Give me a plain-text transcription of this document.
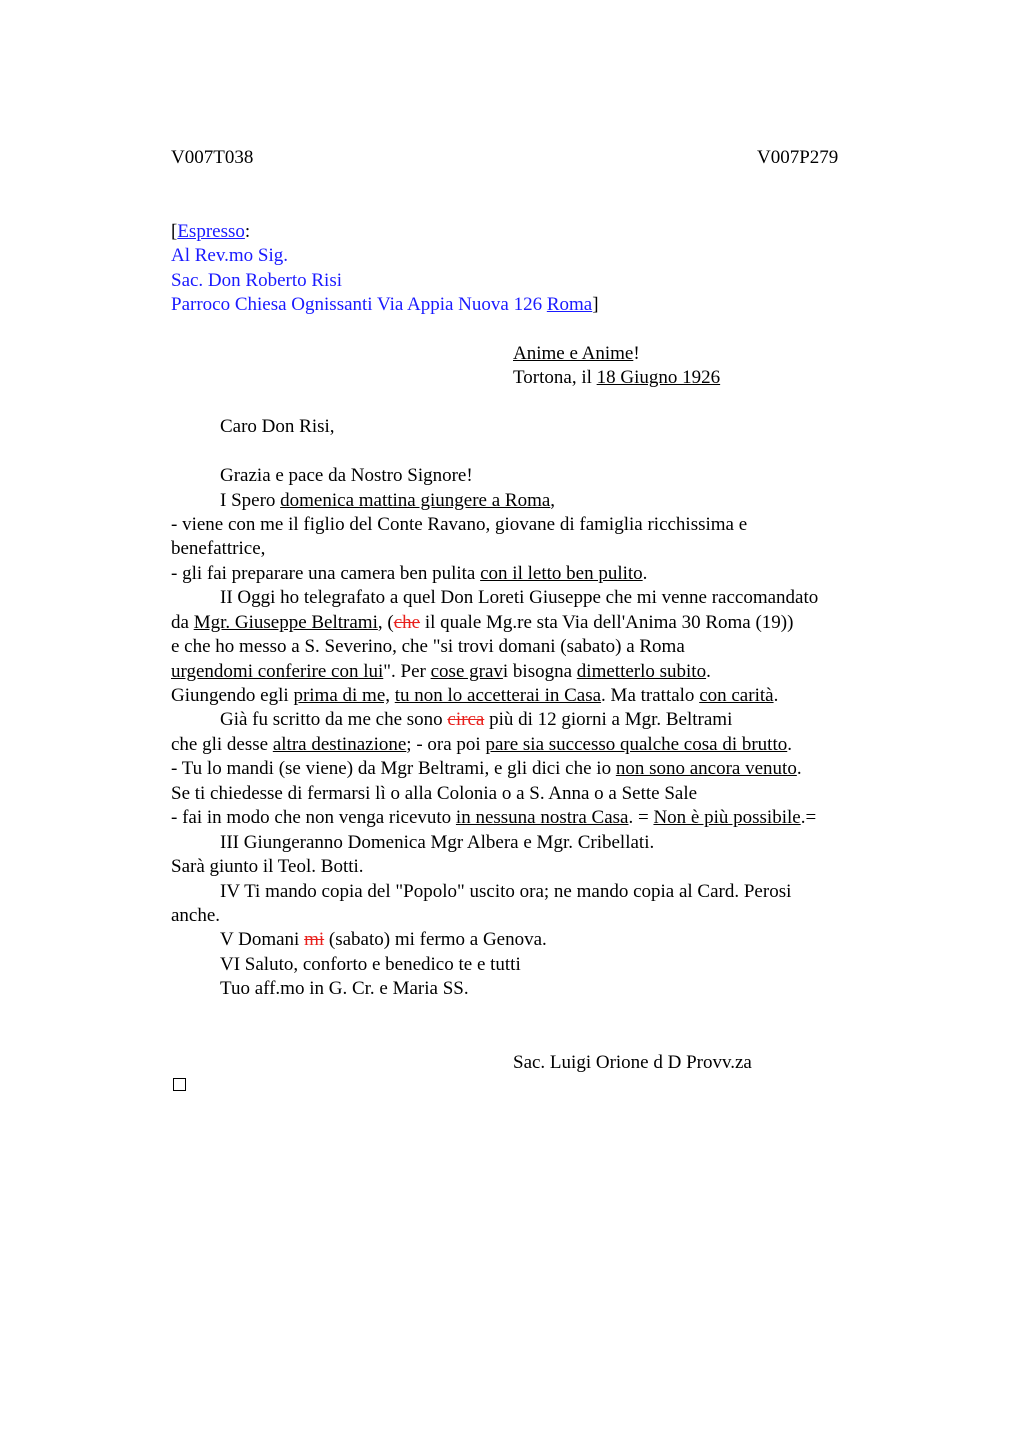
V007T038	V007P279
[Espresso:
Al Rev.mo Sig.
Sac. Don Roberto Risi
Parroco Chiesa Ognissanti Via Appia Nuova 126 Roma]
Anime e Anime!
Tortona, il 18 Giugno 1926
Caro Don Risi,
Grazia e pace da Nostro Signore!
I Spero domenica mattina giungere a Roma,
- viene con me il figlio del Conte Ravano, giovane di famiglia ricchissima e
benefattrice,
- gli fai preparare una camera ben pulita con il letto ben pulito.
II Oggi ho telegrafato a quel Don Loreti Giuseppe che mi venne raccomandato
da Mgr. Giuseppe Beltrami, (che il quale Mg.re sta Via dell'Anima 30 Roma (19))
e che ho messo a S. Severino, che "si trovi domani (sabato) a Roma
urgendomi conferire con lui". Per cose gravi bisogna dimetterlo subito.
Giungendo egli prima di me, tu non lo accetterai in Casa. Ma trattalo con carità.
Già fu scritto da me che sono circa più di 12 giorni a Mgr. Beltrami
che gli desse altra destinazione; - ora poi pare sia successo qualche cosa di brutto.
- Tu lo mandi (se viene) da Mgr Beltrami, e gli dici che io non sono ancora venuto.
Se ti chiedesse di fermarsi lì o alla Colonia o a S. Anna o a Sette Sale
- fai in modo che non venga ricevuto in nessuna nostra Casa. = Non è più possibile.=
III Giungeranno Domenica Mgr Albera e Mgr. Cribellati.
Sarà giunto il Teol. Botti.
IV Ti mando copia del "Popolo" uscito ora; ne mando copia al Card. Perosi
anche.
V Domani mi (sabato) mi fermo a Genova.
VI Saluto, conforto e benedico te e tutti
Tuo aff.mo in G. Cr. e Maria SS.
Sac. Luigi Orione d D Provv.za
